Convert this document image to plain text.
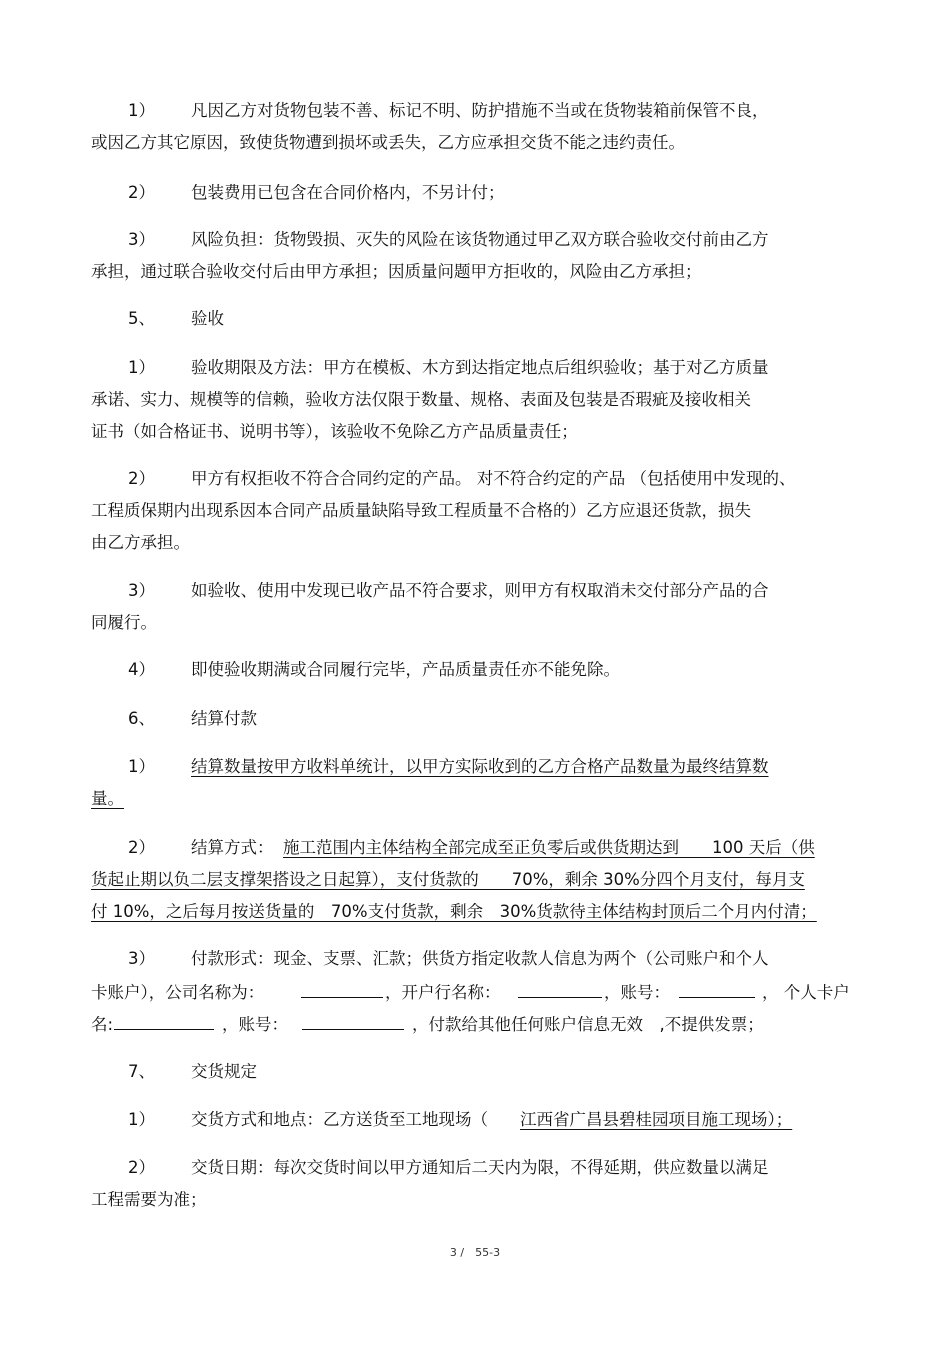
1） 凡因乙方对货物包装不善、标记不明、防护措施不当或在货物装箱前保管不良，
或因乙方其它原因，致使货物遭到损坏或丢失，乙方应承担交货不能之违约责任。
2） 包装费用已包含在合同价格内，不另计付；
3） 风险负担：货物毁损、灭失的风险在该货物通过甲乙双方联合验收交付前由乙方
承担，通过联合验收交付后由甲方承担；因质量问题甲方拒收的，风险由乙方承担；
5、 验收
1） 验收期限及方法：甲方在模板、木方到达指定地点后组织验收；基于对乙方质量
承诺、实力、规模等的信赖，验收方法仅限于数量、规格、表面及包装是否瑕疵及接收相关
证书（如合格证书、说明书等），该验收不免除乙方产品质量责任；
2） 甲方有权拒收不符合合同约定的产品。 对不符合约定的产品 （包括使用中发现的、
工程质保期内出现系因本合同产品质量缺陷导致工程质量不合格的）乙方应退还货款，损失
由乙方承担。
3） 如验收、使用中发现已收产品不符合要求，则甲方有权取消未交付部分产品的合
同履行。
4） 即使验收期满或合同履行完毕，产品质量责任亦不能免除。
6、 结算付款
1） 结算数量按甲方收料单统计，以甲方实际收到的乙方合格产品数量为最终结算数
量。
2） 结算方式： 施工范围内主体结构全部完成至正负零后或供货期达到　　100 天后（供
货起止期以负二层支撑架搭设之日起算），支付货款的　　70%，剩余 30%分四个月支付，每月支
付 10%，之后每月按送货量的　70%支付货款，剩余　30%货款待主体结构封顶后二个月内付清；
3） 付款形式：现金、支票、汇款；供货方指定收款人信息为两个（公司账户和个人
卡账户），公司名称为：	，开户行名称：	，账号：	， 个人卡户
名:	，账号：	，付款给其他任何账户信息无效　,不提供发票；
7、 交货规定
1） 交货方式和地点：乙方送货至工地现场（ 江西省广昌县碧桂园项目施工现场）；
2） 交货日期：每次交货时间以甲方通知后二天内为限，不得延期，供应数量以满足
工程需要为准；
3 /　55-3
